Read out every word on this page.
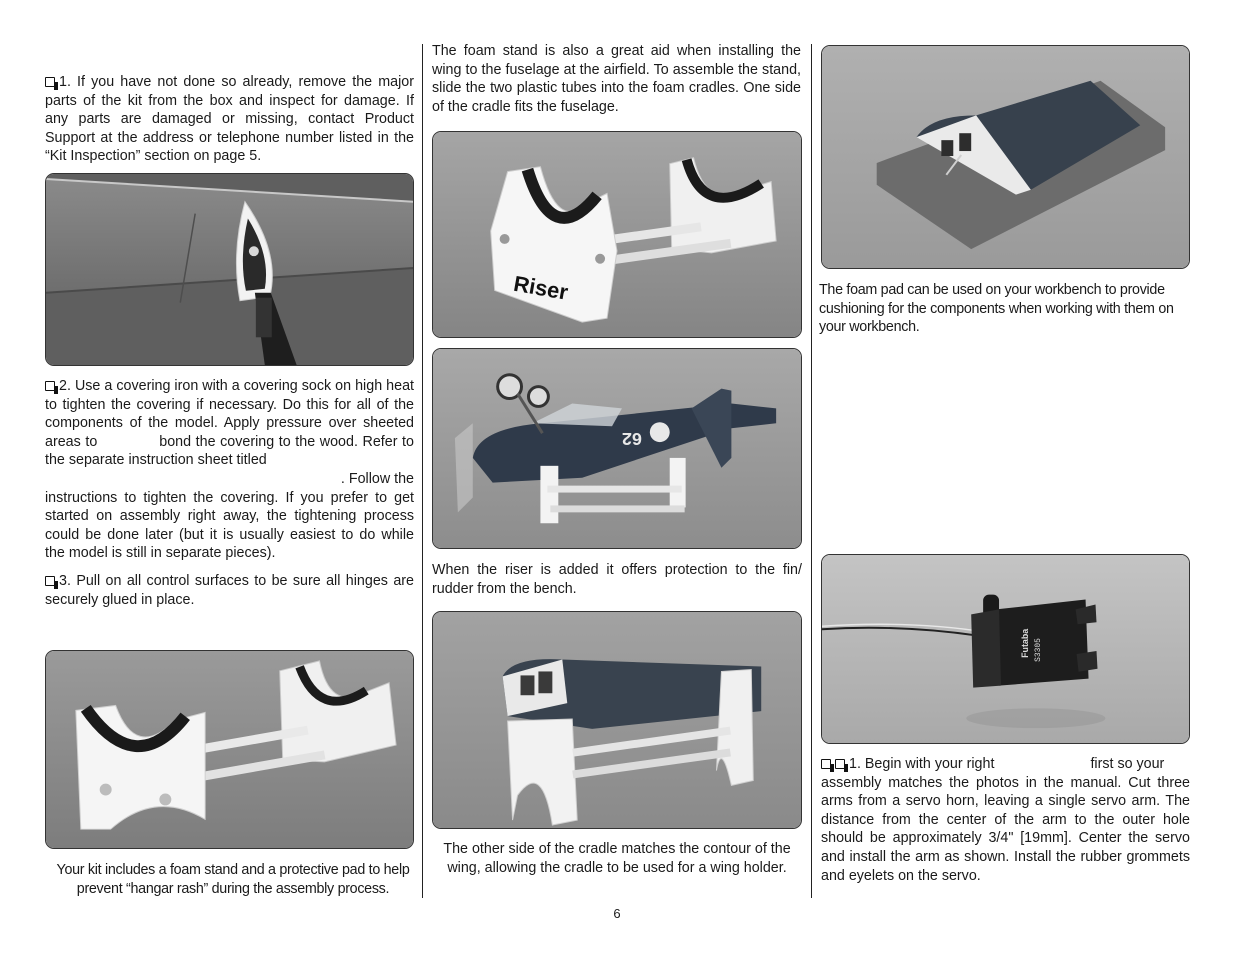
1. If you have not done so already, remove the major parts of the kit from the box and inspect for damage. If any parts are damaged or missing, contact Product Support at the address or telephone number listed in the “Kit Inspection” section on page 5.

2. Use a covering iron with a covering sock on high heat to tighten the covering if necessary. Do this for all of the components of the model. Apply pressure over sheeted areas to	bond the covering to the wood. Refer to the separate instruction sheet titled

. Follow the

instructions to tighten the covering. If you prefer to get started on assembly right away, the tightening process could be done later (but it is usually easiest to do while the model is still in separate pieces).

3. Pull on all control surfaces to be sure all hinges are securely glued in place.

Your kit includes a foam stand and a protective pad to help prevent “hangar rash” during the assembly process.

The foam stand is also a great aid when installing the wing to the fuselage at the airfield. To assemble the stand, slide the two plastic tubes into the foam cradles. One side of the cradle fits the fuselage.

Riser
62
When the riser is added it offers protection to the fin/ rudder from the bench.
The other side of the cradle matches the contour of the wing, allowing the cradle to be used for a wing holder.
The foam pad can be used on your workbench to provide cushioning for the components when working with them on your workbench.
Futaba S3305

1. Begin with your right	first so your

assembly matches the photos in the manual. Cut three arms from a servo horn, leaving a single servo arm. The distance from the center of the arm to the outer hole should be approximately 3/4" [19mm]. Center the servo and install the arm as shown. Install the rubber grommets and eyelets on the servo.

6
